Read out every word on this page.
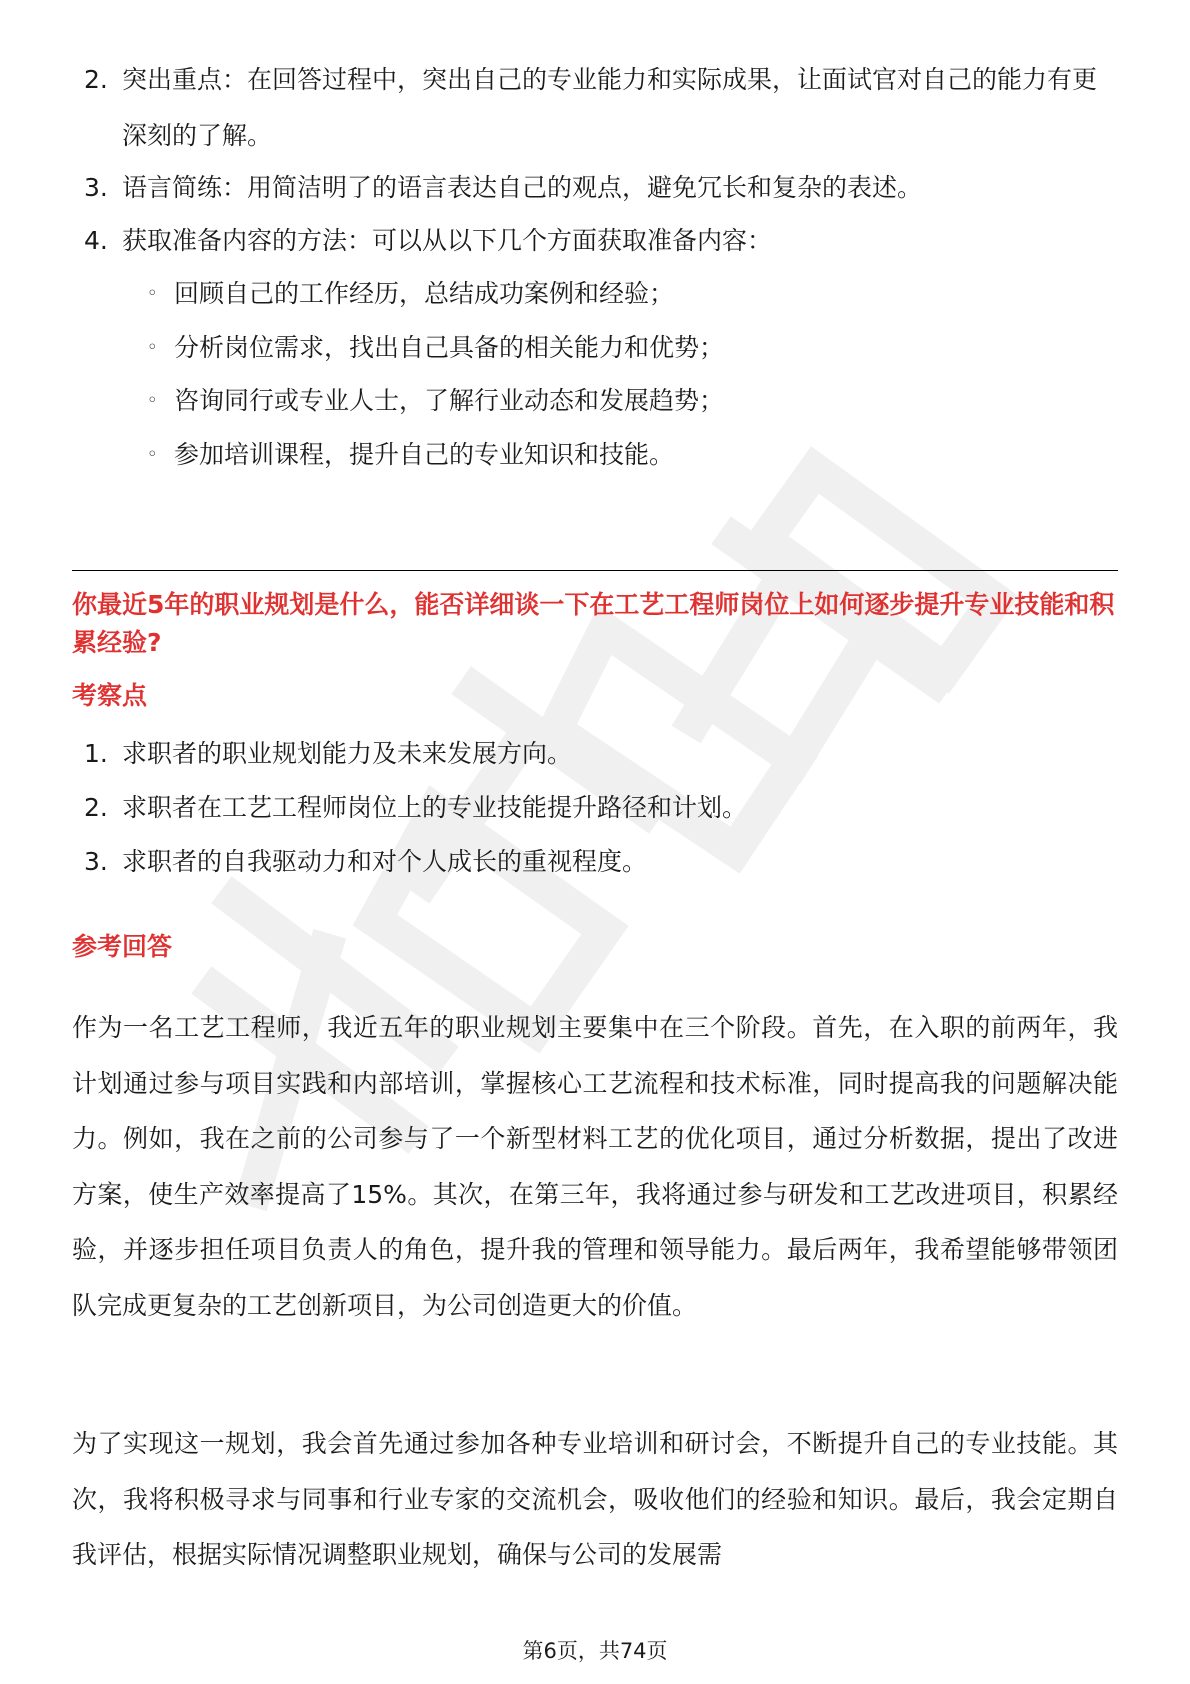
2. 突出重点：在回答过程中，突出自己的专业能力和实际成果，让面试官对自己的能力有更深刻的了解。
3. 语言简练：用简洁明了的语言表达自己的观点，避免冗长和复杂的表述。
4. 获取准备内容的方法：可以从以下几个方面获取准备内容：
◦ 回顾自己的工作经历，总结成功案例和经验；
◦ 分析岗位需求，找出自己具备的相关能力和优势；
◦ 咨询同行或专业人士，了解行业动态和发展趋势；
◦ 参加培训课程，提升自己的专业知识和技能。
你最近5年的职业规划是什么，能否详细谈一下在工艺工程师岗位上如何逐步提升专业技能和积累经验?
考察点
1. 求职者的职业规划能力及未来发展方向。
2. 求职者在工艺工程师岗位上的专业技能提升路径和计划。
3. 求职者的自我驱动力和对个人成长的重视程度。
参考回答
作为一名工艺工程师，我近五年的职业规划主要集中在三个阶段。首先，在入职的前两年，我计划通过参与项目实践和内部培训，掌握核心工艺流程和技术标准，同时提高我的问题解决能力。例如，我在之前的公司参与了一个新型材料工艺的优化项目，通过分析数据，提出了改进方案，使生产效率提高了15%。其次，在第三年，我将通过参与研发和工艺改进项目，积累经验，并逐步担任项目负责人的角色，提升我的管理和领导能力。最后两年，我希望能够带领团队完成更复杂的工艺创新项目，为公司创造更大的价值。
为了实现这一规划，我会首先通过参加各种专业培训和研讨会，不断提升自己的专业技能。其次，我将积极寻求与同事和行业专家的交流机会，吸收他们的经验和知识。最后，我会定期自我评估，根据实际情况调整职业规划，确保与公司的发展需
第6页，共74页
